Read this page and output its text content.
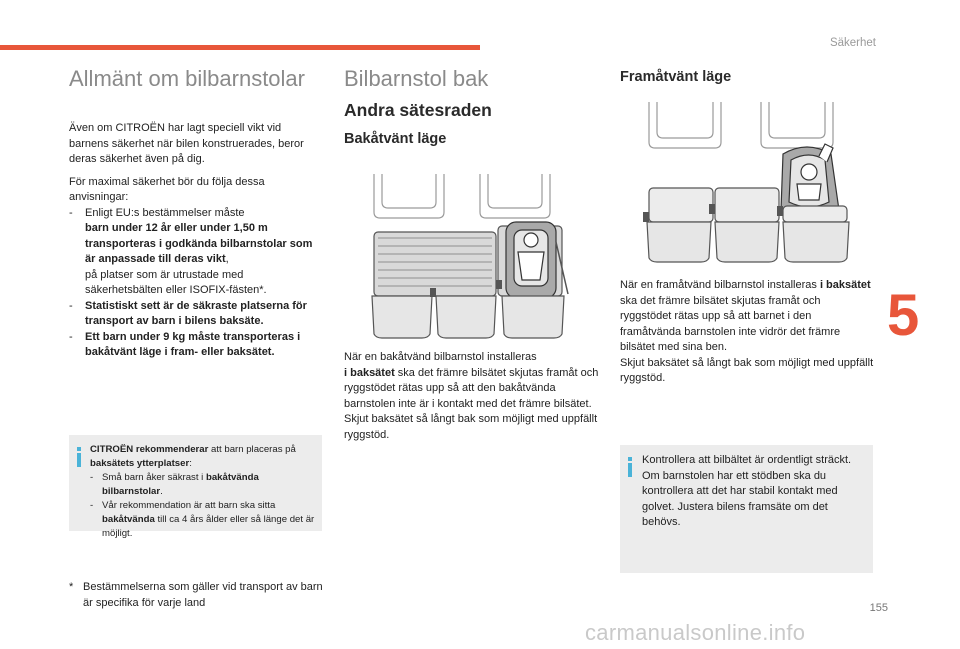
Säkerhet
5
155
carmanualsonline.info
Allmänt om bilbarnstolar

Även om CITROËN har lagt speciell vikt vid barnens säkerhet när bilen konstruerades, beror deras säkerhet även på dig.

För maximal säkerhet bör du följa dessa anvisningar:

-	Enligt EU:s bestämmelser måste
barn under 12 år eller under 1,50 m transporteras i godkända bilbarnstolar som är anpassade till deras vikt,
på platser som är utrustade med säkerhetsbälten eller ISOFIX-fästen*.
-	Statistiskt sett är de säkraste platserna för transport av barn i bilens baksäte.
-	Ett barn under 9 kg måste transporteras i bakåtvänt läge i fram- eller baksätet.
CITROËN rekommenderar att barn placeras på baksätets ytterplatser:
- Små barn åker säkrast i bakåtvända bilbarnstolar.
- Vår rekommendation är att barn ska sitta bakåtvända till ca 4 års ålder eller så länge det är möjligt.
* Bestämmelserna som gäller vid transport av barn är specifika för varje land
Bilbarnstol bak
Andra sätesraden
Bakåtvänt läge

När en bakåtvänd bilbarnstol installeras
i baksätet ska det främre bilsätet skjutas framåt och ryggstödet rätas upp så att den bakåtvända barnstolen inte är i kontakt med det främre bilsätet.

Skjut baksätet så långt bak som möjligt med uppfällt ryggstöd.

Framåtvänt läge

När en framåtvänd bilbarnstol installeras i baksätet ska det främre bilsätet skjutas framåt och ryggstödet rätas upp så att barnet i den framåtvända barnstolen inte vidrör det främre bilsätet med sina ben.

Skjut baksätet så långt bak som möjligt med uppfällt ryggstöd.

Kontrollera att bilbältet är ordentligt sträckt.

Om barnstolen har ett stödben ska du kontrollera att det har stabil kontakt med golvet. Justera bilens framsäte om det behövs.
